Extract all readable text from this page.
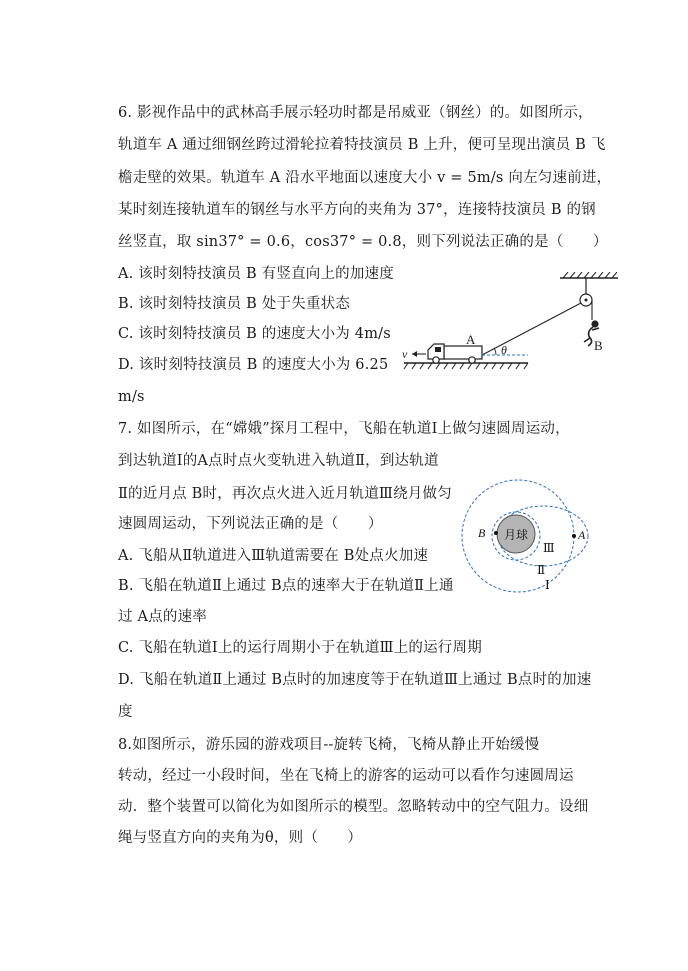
6. 影视作品中的武林高手展示轻功时都是吊威亚（钢丝）的。如图所示，
轨道车 A 通过细钢丝跨过滑轮拉着特技演员 B 上升，便可呈现出演员 B 飞
檐走壁的效果。轨道车 A 沿水平地面以速度大小 v = 5m/s 向左匀速前进，
某时刻连接轨道车的钢丝与水平方向的夹角为 37°，连接特技演员 B 的钢
丝竖直，取 sin37° = 0.6，cos37° = 0.8，则下列说法正确的是（　　）
A. 该时刻特技演员 B 有竖直向上的加速度
B. 该时刻特技演员 B 处于失重状态
C. 该时刻特技演员 B 的速度大小为 4m/s
D. 该时刻特技演员 B 的速度大小为 6.25
m/s
B
A
v	θ
7. 如图所示，在“嫦娥”探月工程中，飞船在轨道Ⅰ上做匀速圆周运动，
到达轨道Ⅰ的A点时点火变轨进入轨道Ⅱ，到达轨道
Ⅱ的近月点 B时，再次点火进入近月轨道Ⅲ绕月做匀
速圆周运动，下列说法正确的是（　　）
A. 飞船从Ⅱ轨道进入Ⅲ轨道需要在 B处点火加速
B. 飞船在轨道Ⅱ上通过 B点的速率大于在轨道Ⅱ上通
过 A点的速率
C. 飞船在轨道Ⅰ上的运行周期小于在轨道Ⅲ上的运行周期
D. 飞船在轨道Ⅱ上通过 B点时的加速度等于在轨道Ⅲ上通过 B点时的加速
度
月球
B	A
Ⅲ
Ⅱ
Ⅰ
8.如图所示，游乐园的游戏项目--旋转飞椅，飞椅从静止开始缓慢
转动，经过一小段时间，坐在飞椅上的游客的运动可以看作匀速圆周运
动．整个装置可以简化为如图所示的模型。忽略转动中的空气阻力。设细
绳与竖直方向的夹角为θ，则（　　）
